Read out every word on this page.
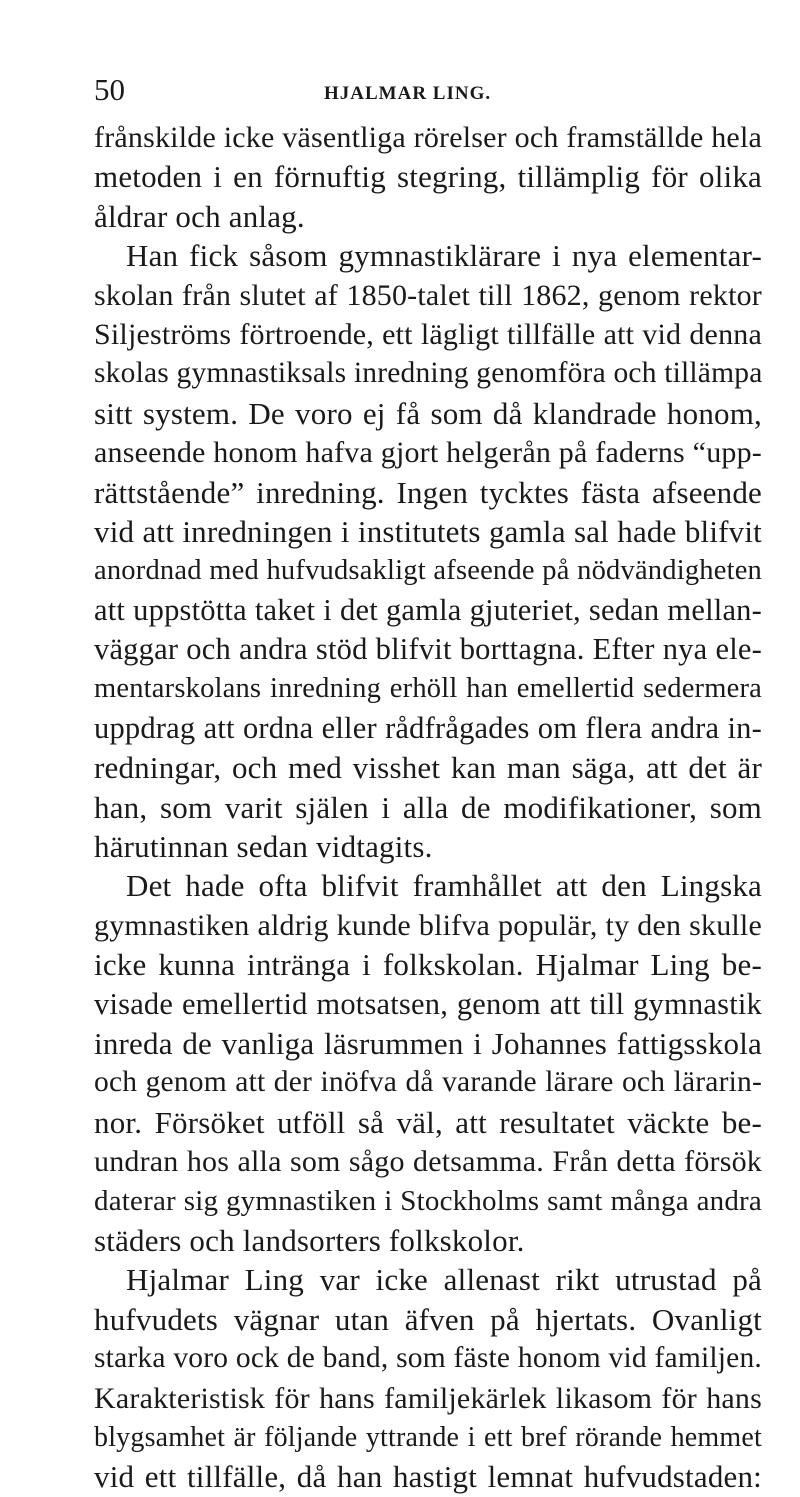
50	HJALMAR LING.
frånskilde icke väsentliga rörelser och framställde hela
metoden i en förnuftig stegring, tillämplig för olika
åldrar och anlag.
Han fick såsom gymnastiklärare i nya elementar-
skolan från slutet af 1850-talet till 1862, genom rektor
Siljeströms förtroende, ett lägligt tillfälle att vid denna
skolas gymnastiksals inredning genomföra och tillämpa
sitt system. De voro ej få som då klandrade honom,
anseende honom hafva gjort helgerån på faderns “upp-
rättstående” inredning. Ingen tycktes fästa afseende
vid att inredningen i institutets gamla sal hade blifvit
anordnad med hufvudsakligt afseende på nödvändigheten
att uppstötta taket i det gamla gjuteriet, sedan mellan-
väggar och andra stöd blifvit borttagna. Efter nya ele-
mentarskolans inredning erhöll han emellertid sedermera
uppdrag att ordna eller rådfrågades om flera andra in-
redningar, och med visshet kan man säga, att det är
han, som varit själen i alla de modifikationer, som
härutinnan sedan vidtagits.
Det hade ofta blifvit framhållet att den Lingska
gymnastiken aldrig kunde blifva populär, ty den skulle
icke kunna intränga i folkskolan. Hjalmar Ling be-
visade emellertid motsatsen, genom att till gymnastik
inreda de vanliga läsrummen i Johannes fattigsskola
och genom att der inöfva då varande lärare och lärarin-
nor. Försöket utföll så väl, att resultatet väckte be-
undran hos alla som sågo detsamma. Från detta försök
daterar sig gymnastiken i Stockholms samt många andra
städers och landsorters folkskolor.
Hjalmar Ling var icke allenast rikt utrustad på
hufvudets vägnar utan äfven på hjertats. Ovanligt
starka voro ock de band, som fäste honom vid familjen.
Karakteristisk för hans familjekärlek likasom för hans
blygsamhet är följande yttrande i ett bref rörande hemmet
vid ett tillfälle, då han hastigt lemnat hufvudstaden:
